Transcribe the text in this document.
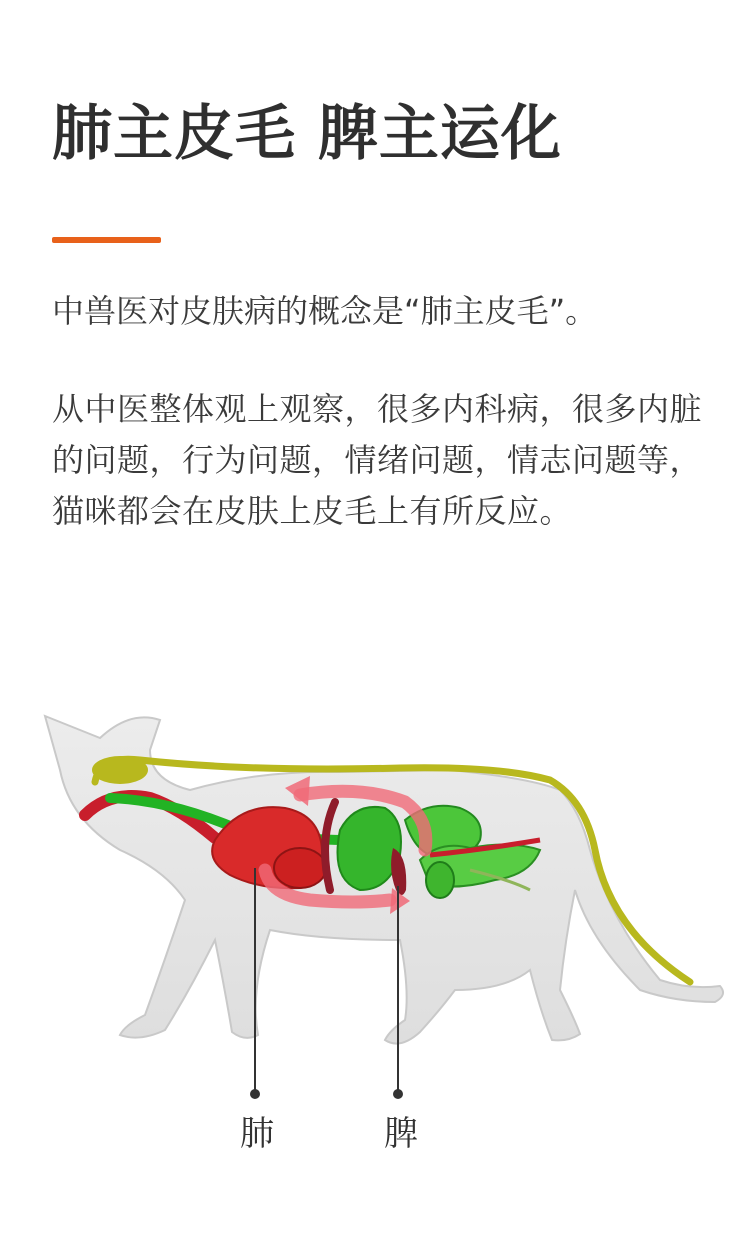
肺主皮毛 脾主运化

中兽医对皮肤病的概念是“肺主皮毛”。

从中医整体观上观察，很多内科病，很多内脏的问题，行为问题，情绪问题，情志问题等，猫咪都会在皮肤上皮毛上有所反应。

肺	脾
